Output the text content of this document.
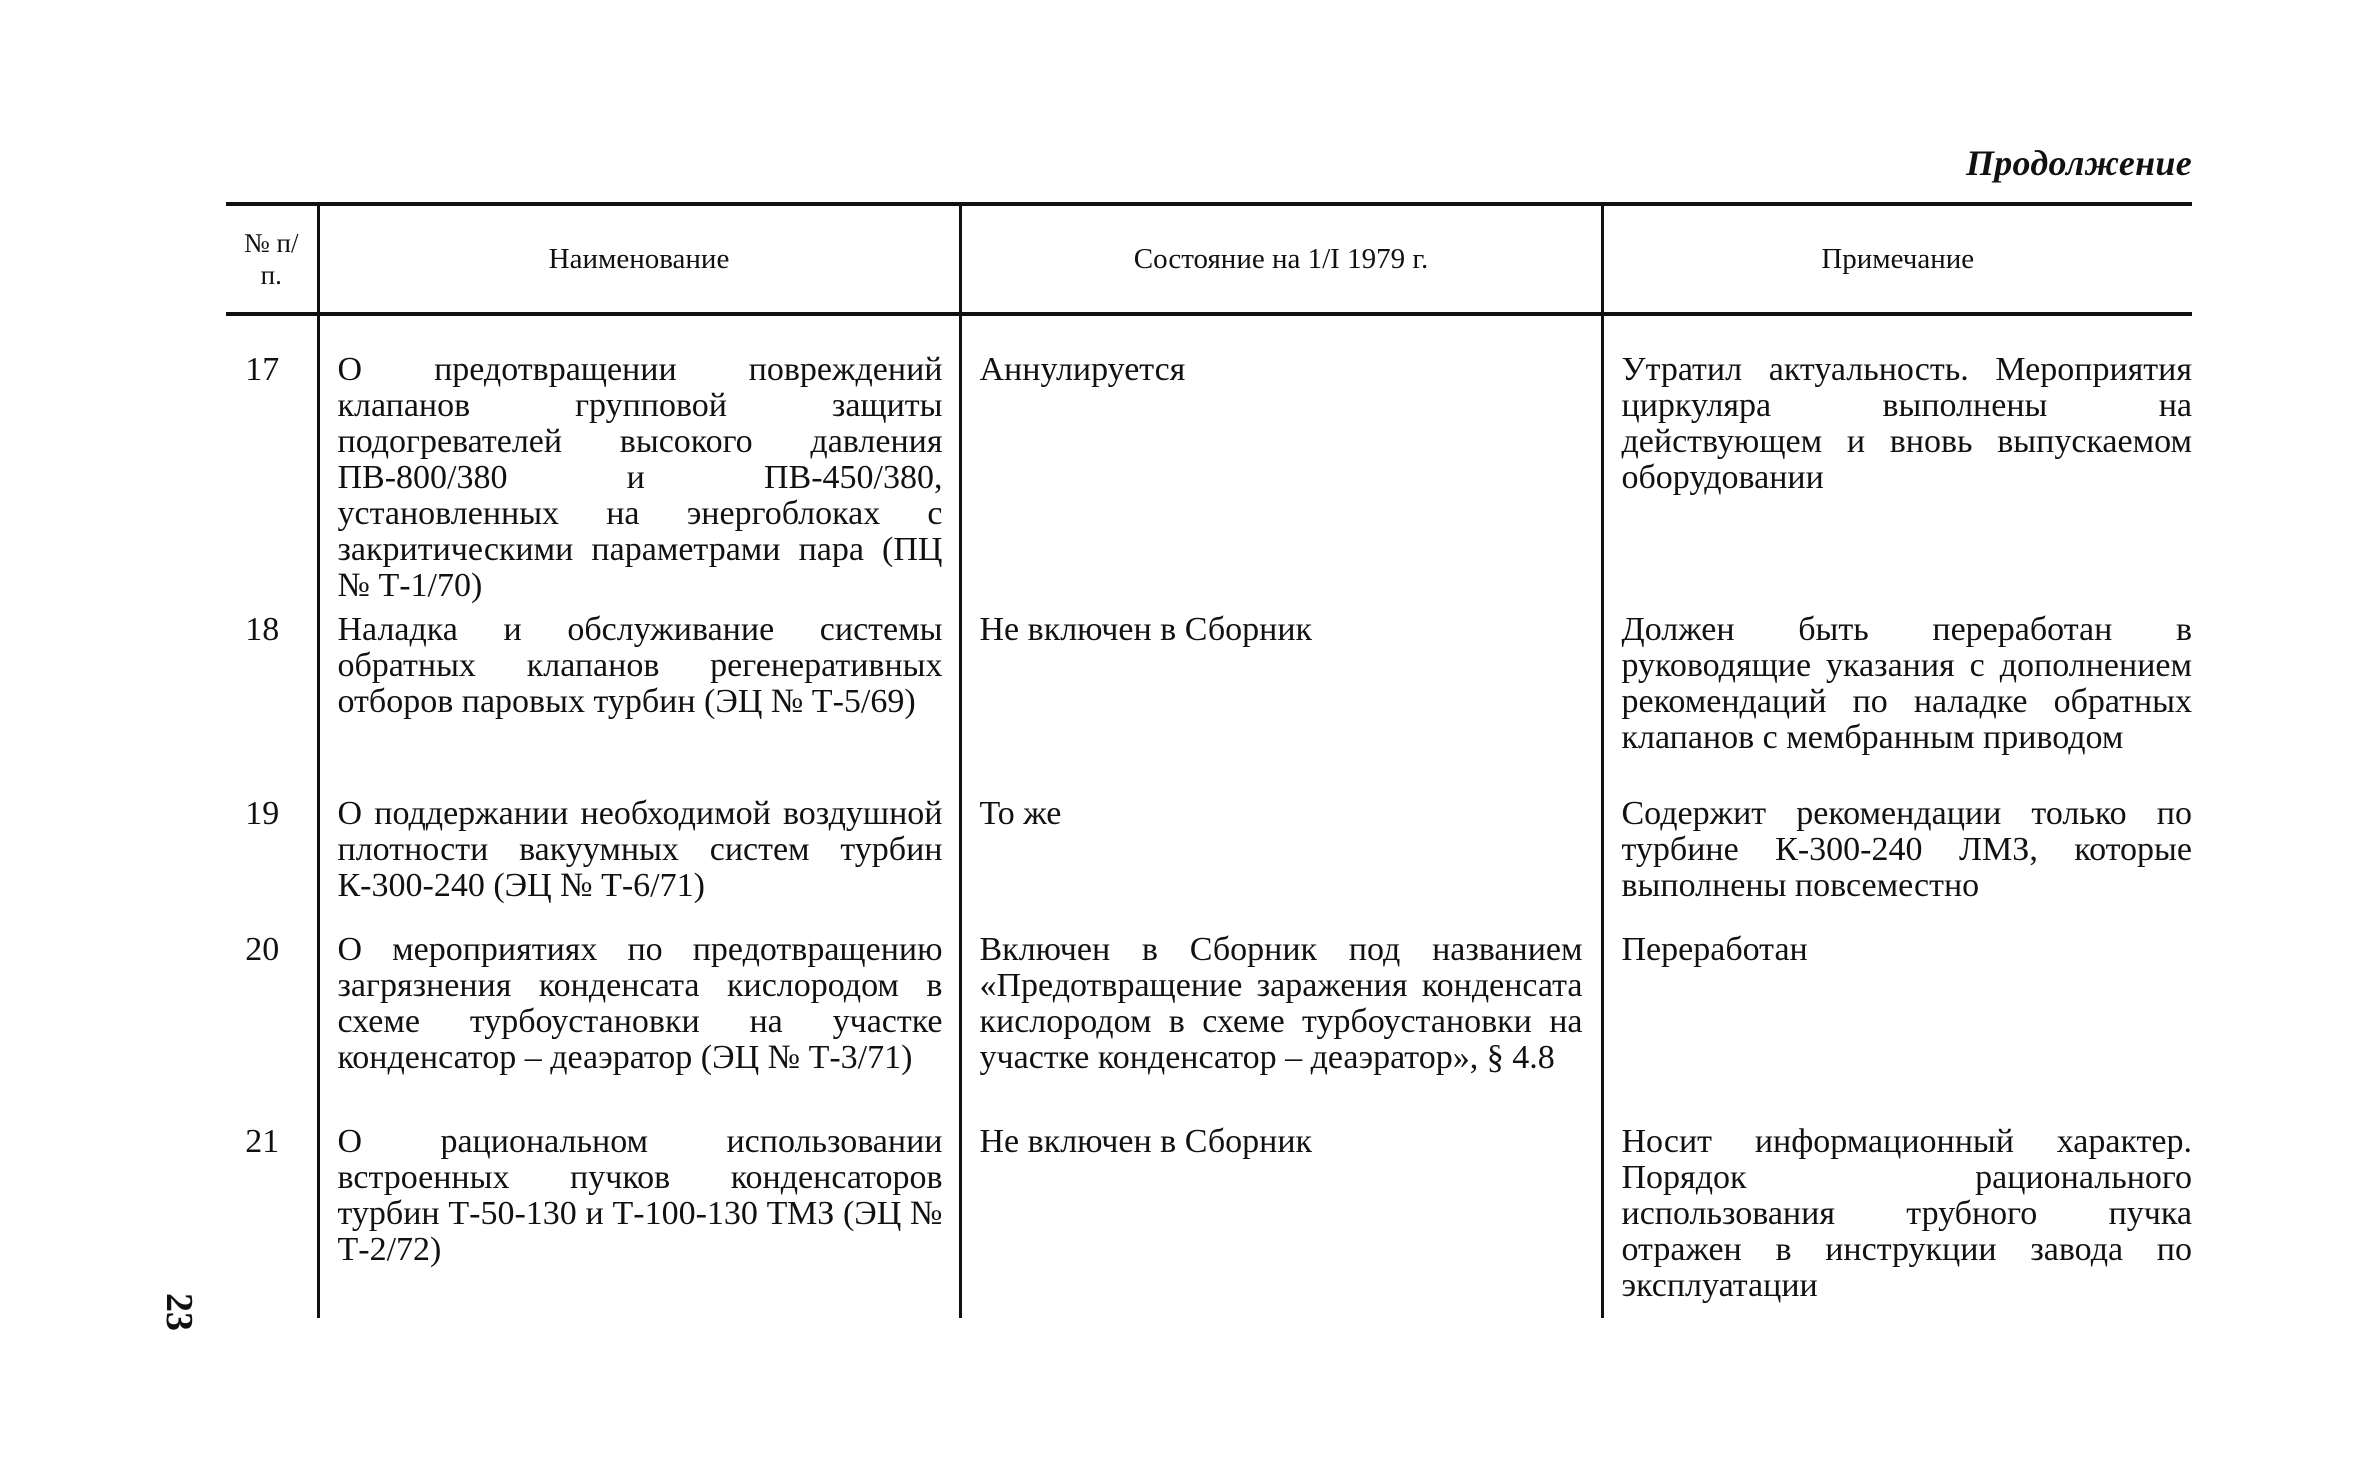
Продолжение
№ п/п.	Наименование	Состояние на 1/I 1979 г.	Примечание
17	О предотвращении повреждений клапанов групповой защиты подогревателей высокого давления ПВ-800/380 и ПВ-450/380, установленных на энергоблоках с закритическими параметрами пара (ПЦ № Т-1/70)	Аннулируется	Утратил актуальность. Мероприятия циркуляра выполнены на действующем и вновь выпускаемом оборудовании
18	Наладка и обслуживание системы обратных клапанов регенеративных отборов паровых турбин (ЭЦ № Т-5/69)	Не включен в Сборник	Должен быть переработан в руководящие указания с дополнением рекомендаций по наладке обратных клапанов с мембранным приводом
19	О поддержании необходимой воздушной плотности вакуумных систем турбин К-300-240 (ЭЦ № Т-6/71)	То же	Содержит рекомендации только по турбине К-300-240 ЛМЗ, которые выполнены повсеместно
20	О мероприятиях по предотвращению загрязнения конденсата кислородом в схеме турбоустановки на участке конденсатор – деаэратор (ЭЦ № Т-3/71)	Включен в Сборник под названием «Предотвращение заражения конденсата кислородом в схеме турбоустановки на участке конденсатор – деаэратор», § 4.8	Переработан
21	О рациональном использовании встроенных пучков конденсаторов турбин Т-50-130 и Т-100-130 ТМЗ (ЭЦ № Т-2/72)	Не включен в Сборник	Носит информационный характер. Порядок рационального использования трубного пучка отражен в инструкции завода по эксплуатации
23
